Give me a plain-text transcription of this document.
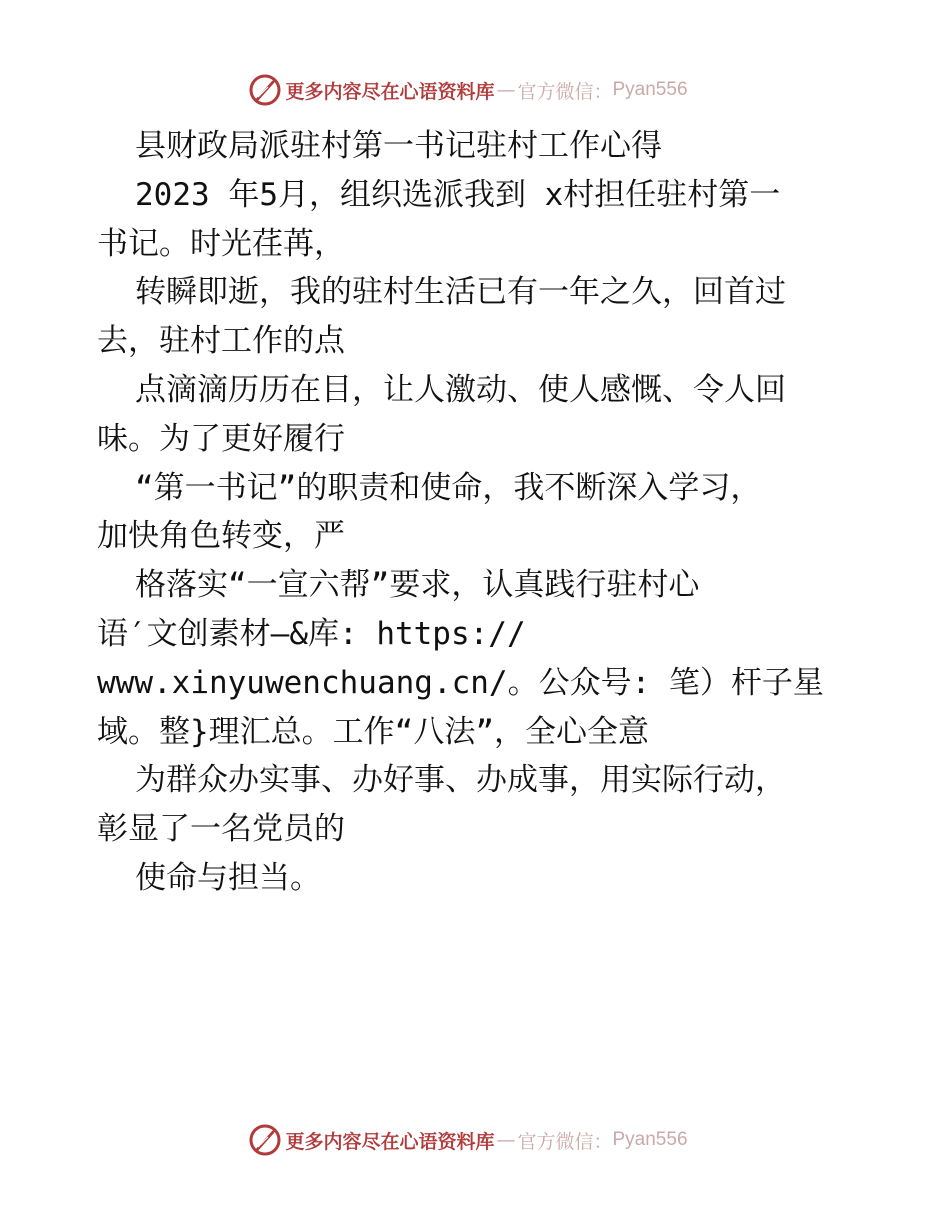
更多内容尽在心语资料库 — 官方微信： Pyan556
县财政局派驻村第一书记驻村工作心得
2023 年5月，组织选派我到 x村担任驻村第一
书记。时光荏苒，
转瞬即逝，我的驻村生活已有一年之久，回首过
去，驻村工作的点
点滴滴历历在目，让人激动、使人感慨、令人回
味。为了更好履行
“第一书记”的职责和使命，我不断深入学习，
加快角色转变，严
格落实“一宣六帮”要求，认真践行驻村心
语′文创素材—&库: https://
www.xinyuwenchuang.cn/。公众号: 笔）杆子星
域。整}理汇总。工作“八法”，全心全意
为群众办实事、办好事、办成事，用实际行动，
彰显了一名党员的
使命与担当。
更多内容尽在心语资料库 — 官方微信： Pyan556
